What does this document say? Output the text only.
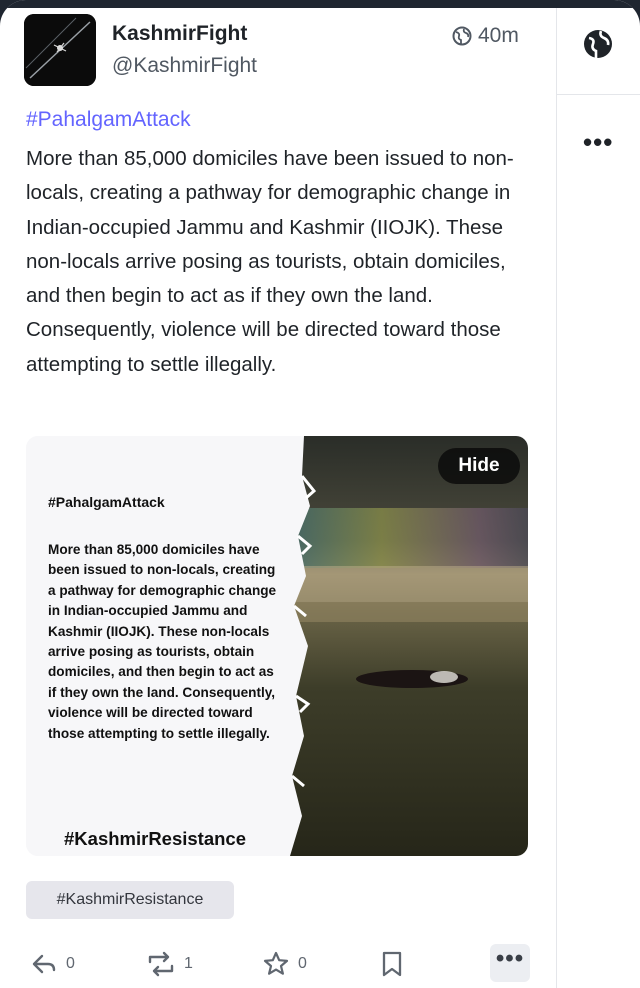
KashmirFight
@KashmirFight
40m
#PahalgamAttack
More than 85,000 domiciles have been issued to non-locals, creating a pathway for demographic change in Indian-occupied Jammu and Kashmir (IIOJK). These non-locals arrive posing as tourists, obtain domiciles, and then begin to act as if they own the land. Consequently, violence will be directed toward those attempting to settle illegally.
#PahalgamAttack
More than 85,000 domiciles have been issued to non-locals, creating a pathway for demographic change in Indian-occupied Jammu and Kashmir (IIOJK). These non-locals arrive posing as tourists, obtain domiciles, and then begin to act as if they own the land. Consequently, violence will be directed toward those attempting to settle illegally.
#KashmirResistance
Hide
#KashmirResistance
0	1	0	•••
•••
